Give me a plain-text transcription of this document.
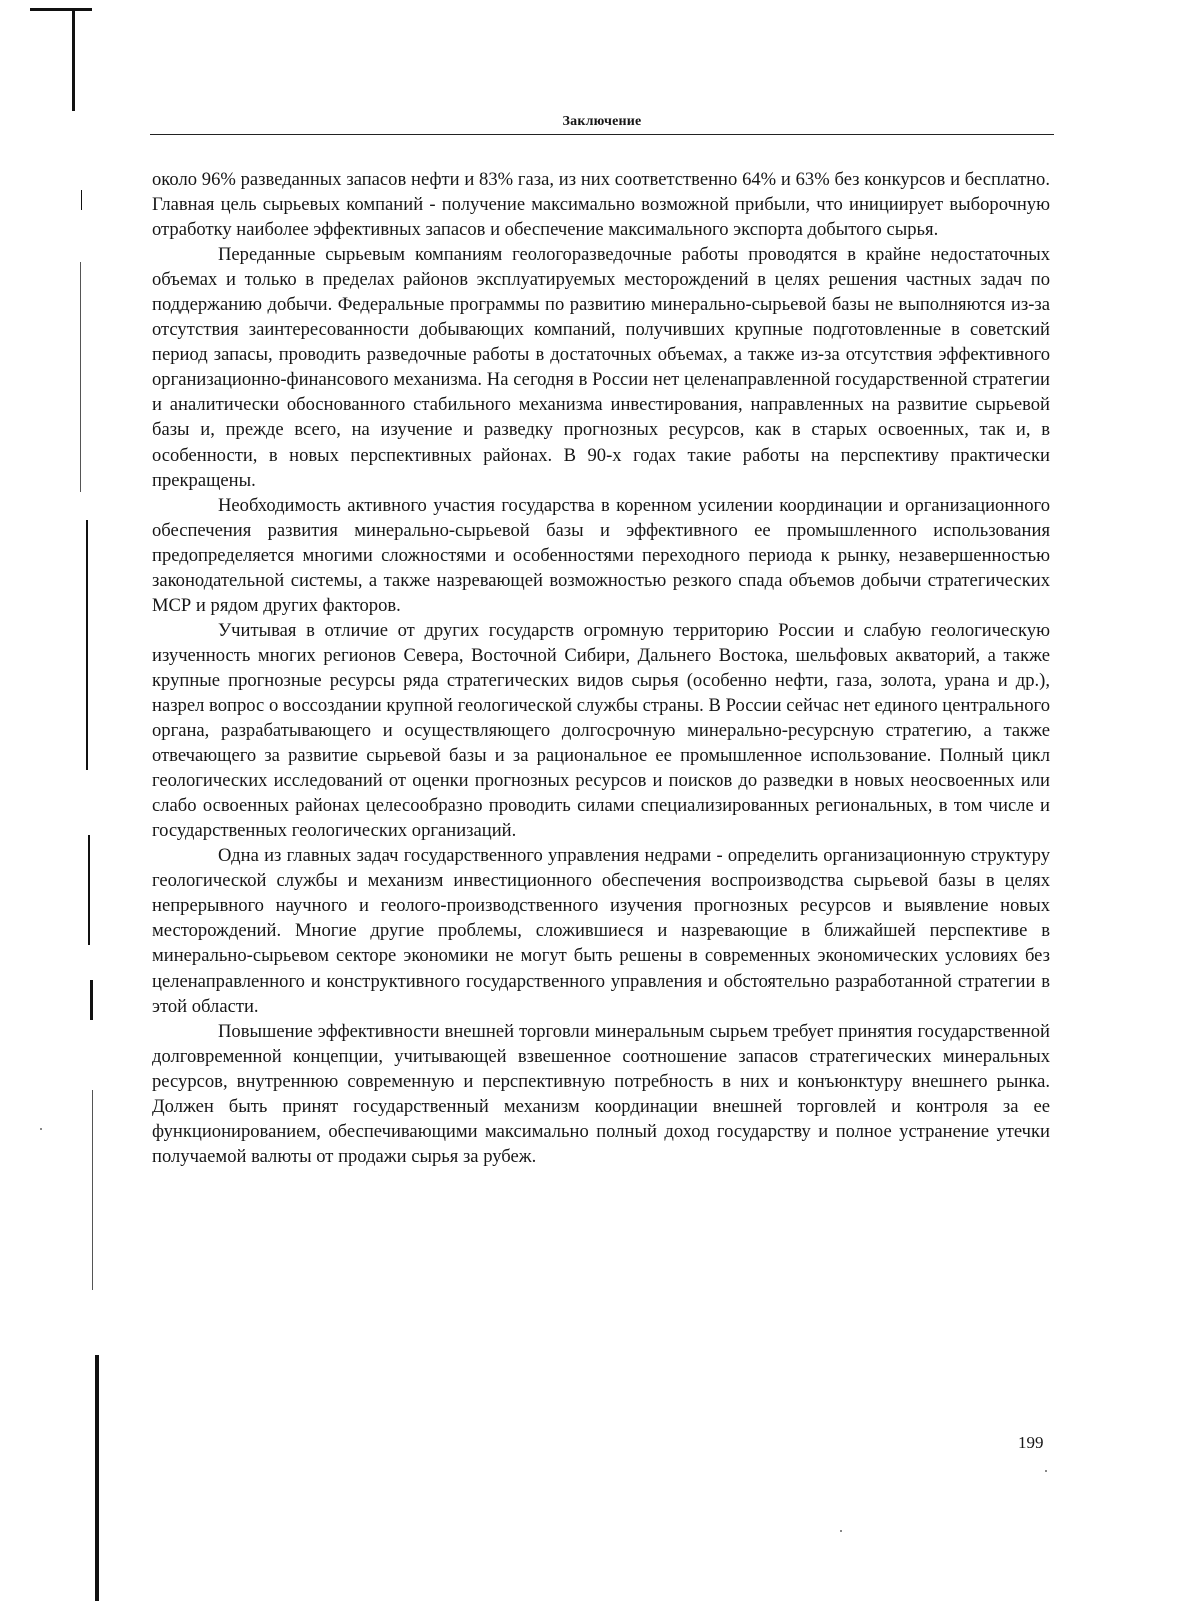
Заключение

около 96% разведанных запасов нефти и 83% газа, из них соответственно 64% и 63% без конкурсов и бесплатно. Главная цель сырьевых компаний - получение максимально возможной прибыли, что инициирует выборочную отработку наиболее эффективных запасов и обеспечение максимального экспорта добытого сырья.

Переданные сырьевым компаниям геологоразведочные работы проводятся в крайне недостаточных объемах и только в пределах районов эксплуатируемых месторождений в целях решения частных задач по поддержанию добычи. Федеральные программы по развитию минерально-сырьевой базы не выполняются из-за отсутствия заинтересованности добывающих компаний, получивших крупные подготовленные в советский период запасы, проводить разведочные работы в достаточных объемах, а также из-за отсутствия эффективного организационно-финансового механизма. На сегодня в России нет целенаправленной государственной стратегии и аналитически обоснованного стабильного механизма инвестирования, направленных на развитие сырьевой базы и, прежде всего, на изучение и разведку прогнозных ресурсов, как в старых освоенных, так и, в особенности, в новых перспективных районах. В 90-х годах такие работы на перспективу практически прекращены.

Необходимость активного участия государства в коренном усилении координации и организационного обеспечения развития минерально-сырьевой базы и эффективного ее промышленного использования предопределяется многими сложностями и особенностями переходного периода к рынку, незавершенностью законодательной системы, а также назревающей возможностью резкого спада объемов добычи стратегических МСР и рядом других факторов.

Учитывая в отличие от других государств огромную территорию России и слабую геологическую изученность многих регионов Севера, Восточной Сибири, Дальнего Востока, шельфовых акваторий, а также крупные прогнозные ресурсы ряда стратегических видов сырья (особенно нефти, газа, золота, урана и др.), назрел вопрос о воссоздании крупной геологической службы страны. В России сейчас нет единого центрального органа, разрабатывающего и осуществляющего долгосрочную минерально-ресурсную стратегию, а также отвечающего за развитие сырьевой базы и за рациональное ее промышленное использование. Полный цикл геологических исследований от оценки прогнозных ресурсов и поисков до разведки в новых неосвоенных или слабо освоенных районах целесообразно проводить силами специализированных региональных, в том числе и государственных геологических организаций.

Одна из главных задач государственного управления недрами - определить организационную структуру геологической службы и механизм инвестиционного обеспечения воспроизводства сырьевой базы в целях непрерывного научного и геолого-производственного изучения прогнозных ресурсов и выявление новых месторождений. Многие другие проблемы, сложившиеся и назревающие в ближайшей перспективе в минерально-сырьевом секторе экономики не могут быть решены в современных экономических условиях без целенаправленного и конструктивного государственного управления и обстоятельно разработанной стратегии в этой области.

Повышение эффективности внешней торговли минеральным сырьем требует принятия государственной долговременной концепции, учитывающей взвешенное соотношение запасов стратегических минеральных ресурсов, внутреннюю современную и перспективную потребность в них и конъюнктуру внешнего рынка. Должен быть принят государственный механизм координации внешней торговлей и контроля за ее функционированием, обеспечивающими максимально полный доход государству и полное устранение утечки получаемой валюты от продажи сырья за рубеж.

199
